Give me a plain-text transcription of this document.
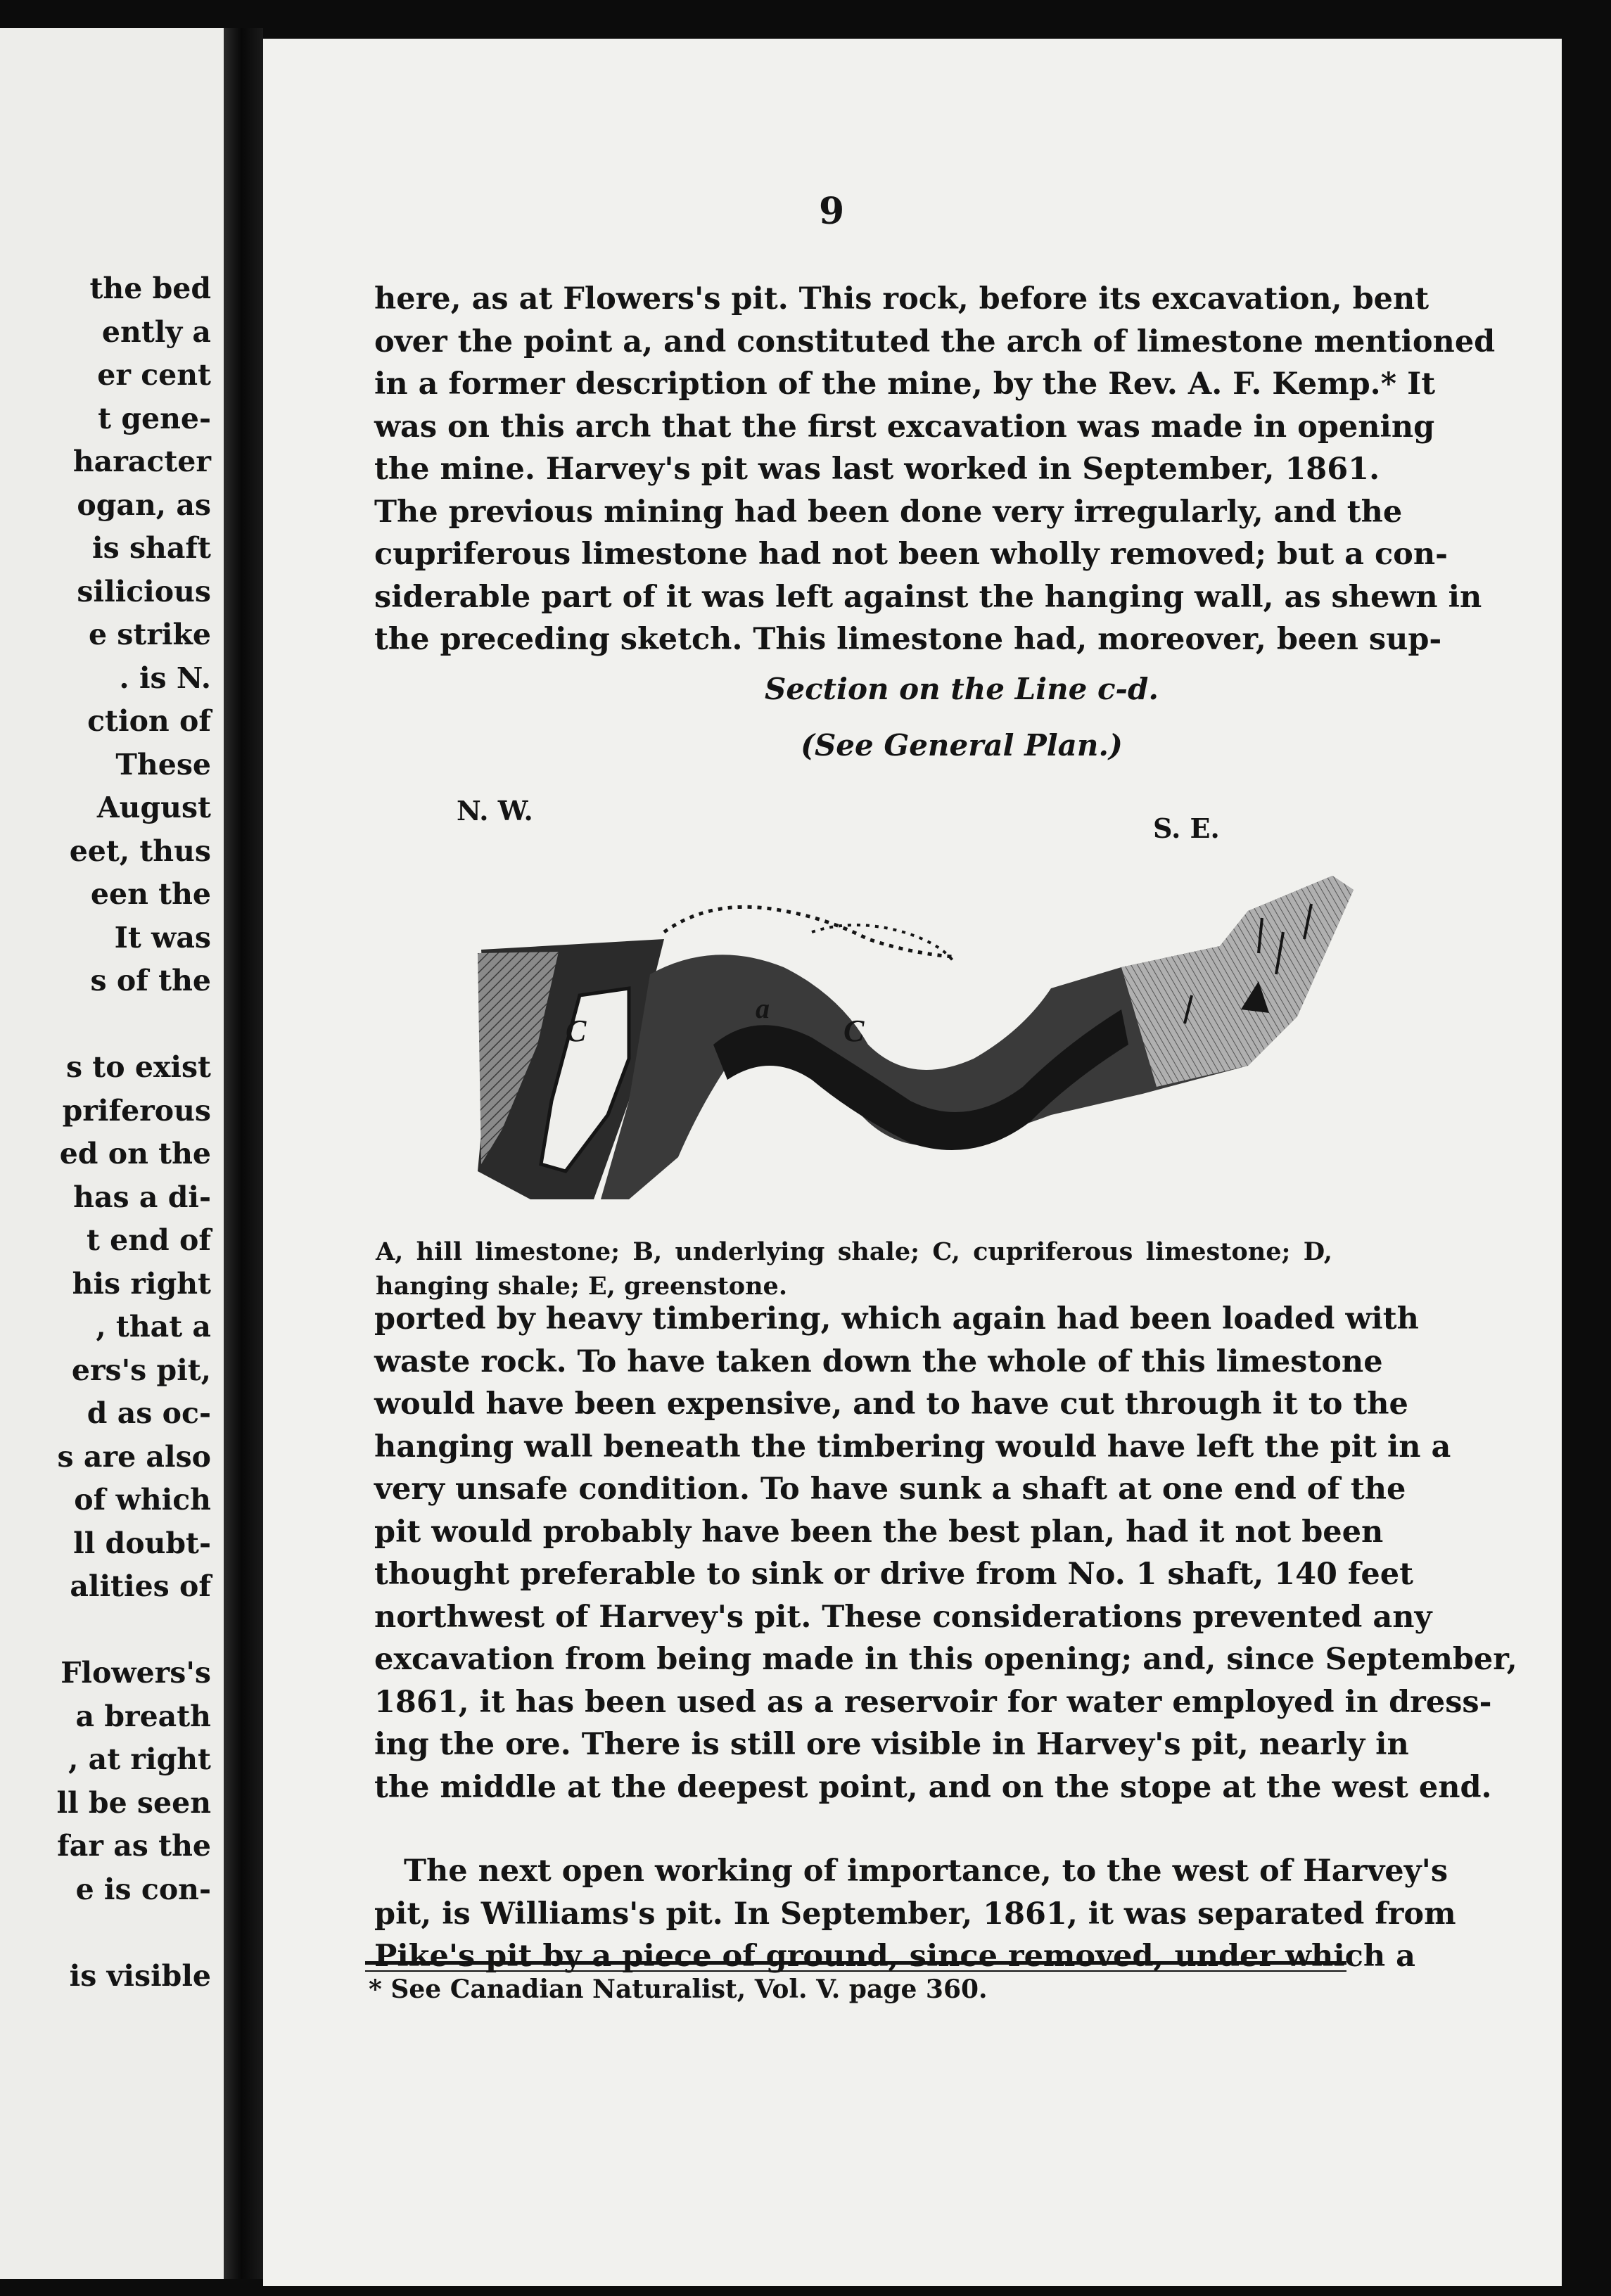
the bed
ently a
er cent
t gene-
haracter
ogan, as
is shaft
silicious
e strike
. is N.
ction of
These
August
eet, thus
een the
It was
s of the
s to exist
priferous
ed on the
has a di-
t end of
his right
, that a
ers's pit,
d as oc-
s are also
of which
ll doubt-
alities of
Flowers's
a breath
, at right
ll be seen
far as the
e is con-
is visible
9
here, as at Flowers's pit. This rock, before its excavation, bent
over the point a, and constituted the arch of limestone mentioned
in a former description of the mine, by the Rev. A. F. Kemp.* It
was on this arch that the first excavation was made in opening
the mine. Harvey's pit was last worked in September, 1861.
The previous mining had been done very irregularly, and the
cupriferous limestone had not been wholly removed; but a con-
siderable part of it was left against the hanging wall, as shewn in
the preceding sketch. This limestone had, moreover, been sup-
Section on the Line c-d.
(See General Plan.)
N. W.
S. E.
C
a
C
A, hill limestone; B, underlying shale; C, cupriferous limestone; D,
hanging shale; E, greenstone.
ported by heavy timbering, which again had been loaded with
waste rock. To have taken down the whole of this limestone
would have been expensive, and to have cut through it to the
hanging wall beneath the timbering would have left the pit in a
very unsafe condition. To have sunk a shaft at one end of the
pit would probably have been the best plan, had it not been
thought preferable to sink or drive from No. 1 shaft, 140 feet
northwest of Harvey's pit. These considerations prevented any
excavation from being made in this opening; and, since September,
1861, it has been used as a reservoir for water employed in dress-
ing the ore. There is still ore visible in Harvey's pit, nearly in
the middle at the deepest point, and on the stope at the west end.
The next open working of importance, to the west of Harvey's
pit, is Williams's pit. In September, 1861, it was separated from
Pike's pit by a piece of ground, since removed, under which a
* See Canadian Naturalist, Vol. V. page 360.
